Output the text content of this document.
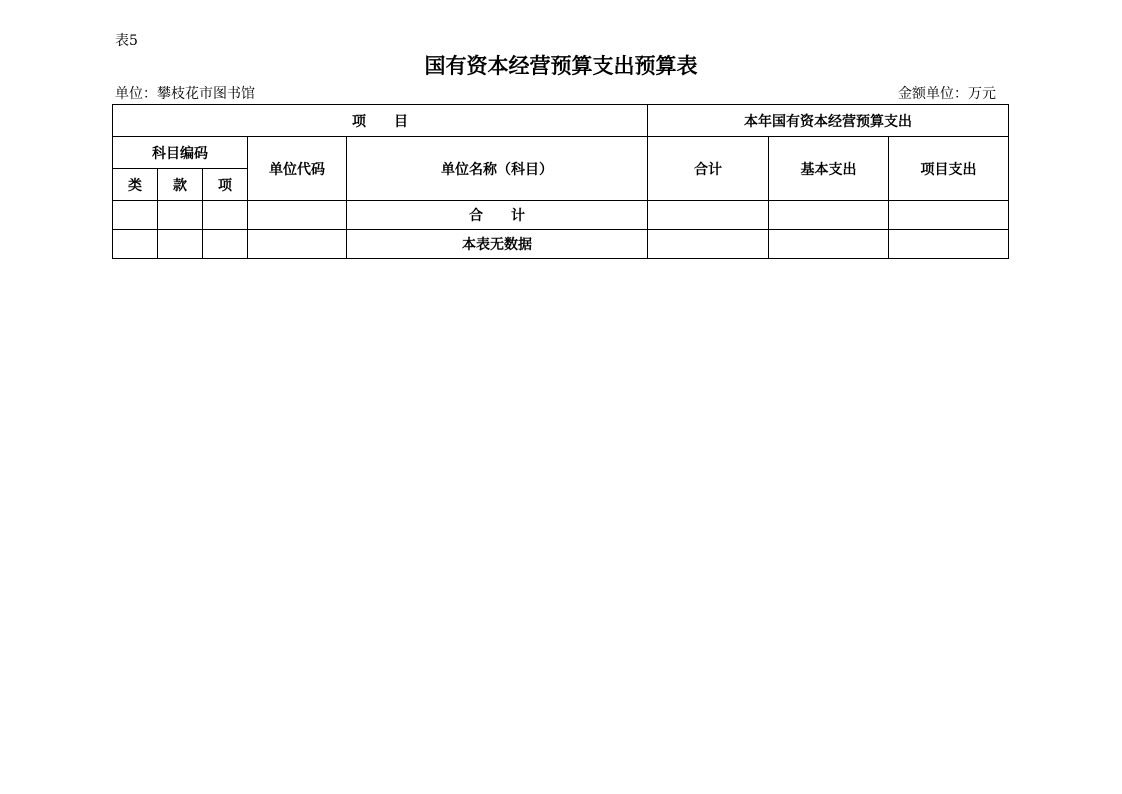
表5
国有资本经营预算支出预算表
单位：攀枝花市图书馆	金额单位：万元
项　　目					本年国有资本经营预算支出		
科目编码			单位代码	单位名称（科目）	合计	基本支出	项目支出
类	款	项					
				合　　计			
				本表无数据			
